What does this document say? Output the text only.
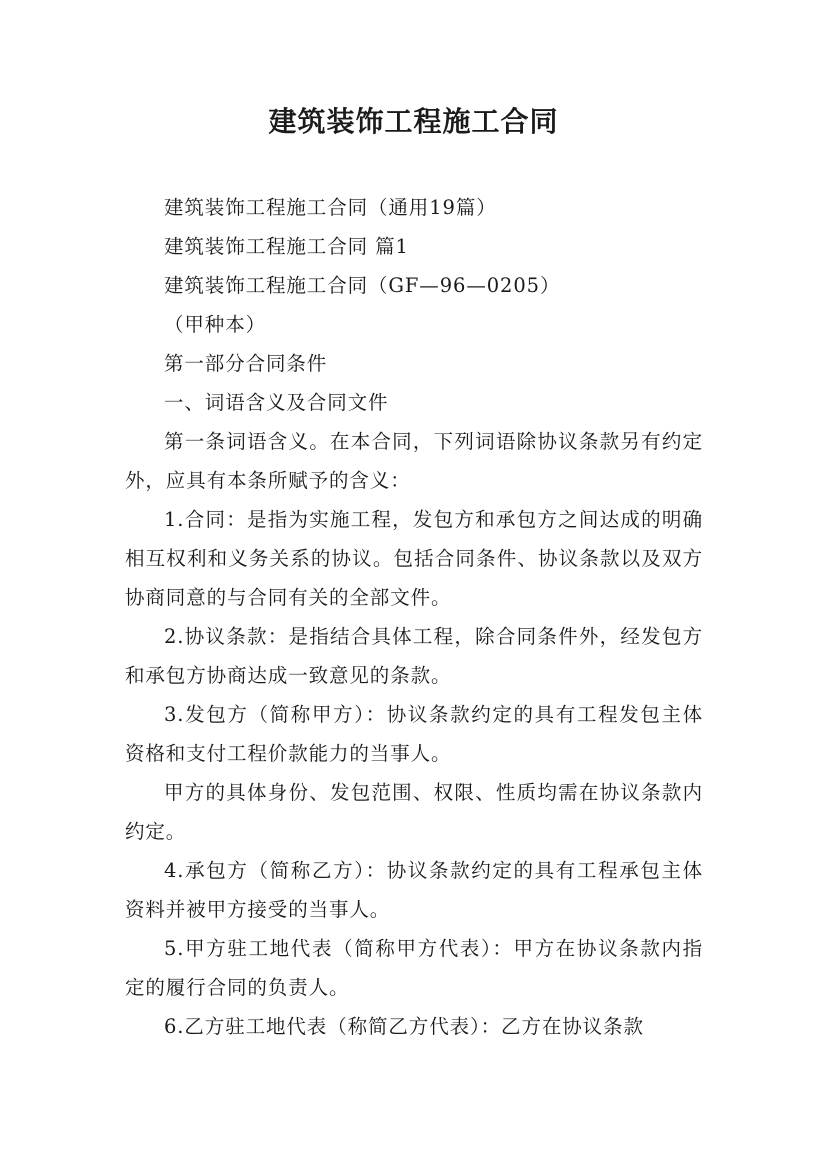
建筑装饰工程施工合同

建筑装饰工程施工合同（通用19篇）

建筑装饰工程施工合同 篇1

建筑装饰工程施工合同（GF—96—0205）

（甲种本）

第一部分合同条件

一、词语含义及合同文件

第一条词语含义。在本合同，下列词语除协议条款另有约定外，应具有本条所赋予的含义：

1.合同：是指为实施工程，发包方和承包方之间达成的明确相互权利和义务关系的协议。包括合同条件、协议条款以及双方协商同意的与合同有关的全部文件。

2.协议条款：是指结合具体工程，除合同条件外，经发包方和承包方协商达成一致意见的条款。

3.发包方（简称甲方）：协议条款约定的具有工程发包主体资格和支付工程价款能力的当事人。

甲方的具体身份、发包范围、权限、性质均需在协议条款内约定。

4.承包方（简称乙方）：协议条款约定的具有工程承包主体资料并被甲方接受的当事人。

5.甲方驻工地代表（简称甲方代表）：甲方在协议条款内指定的履行合同的负责人。

6.乙方驻工地代表（称简乙方代表）：乙方在协议条款
